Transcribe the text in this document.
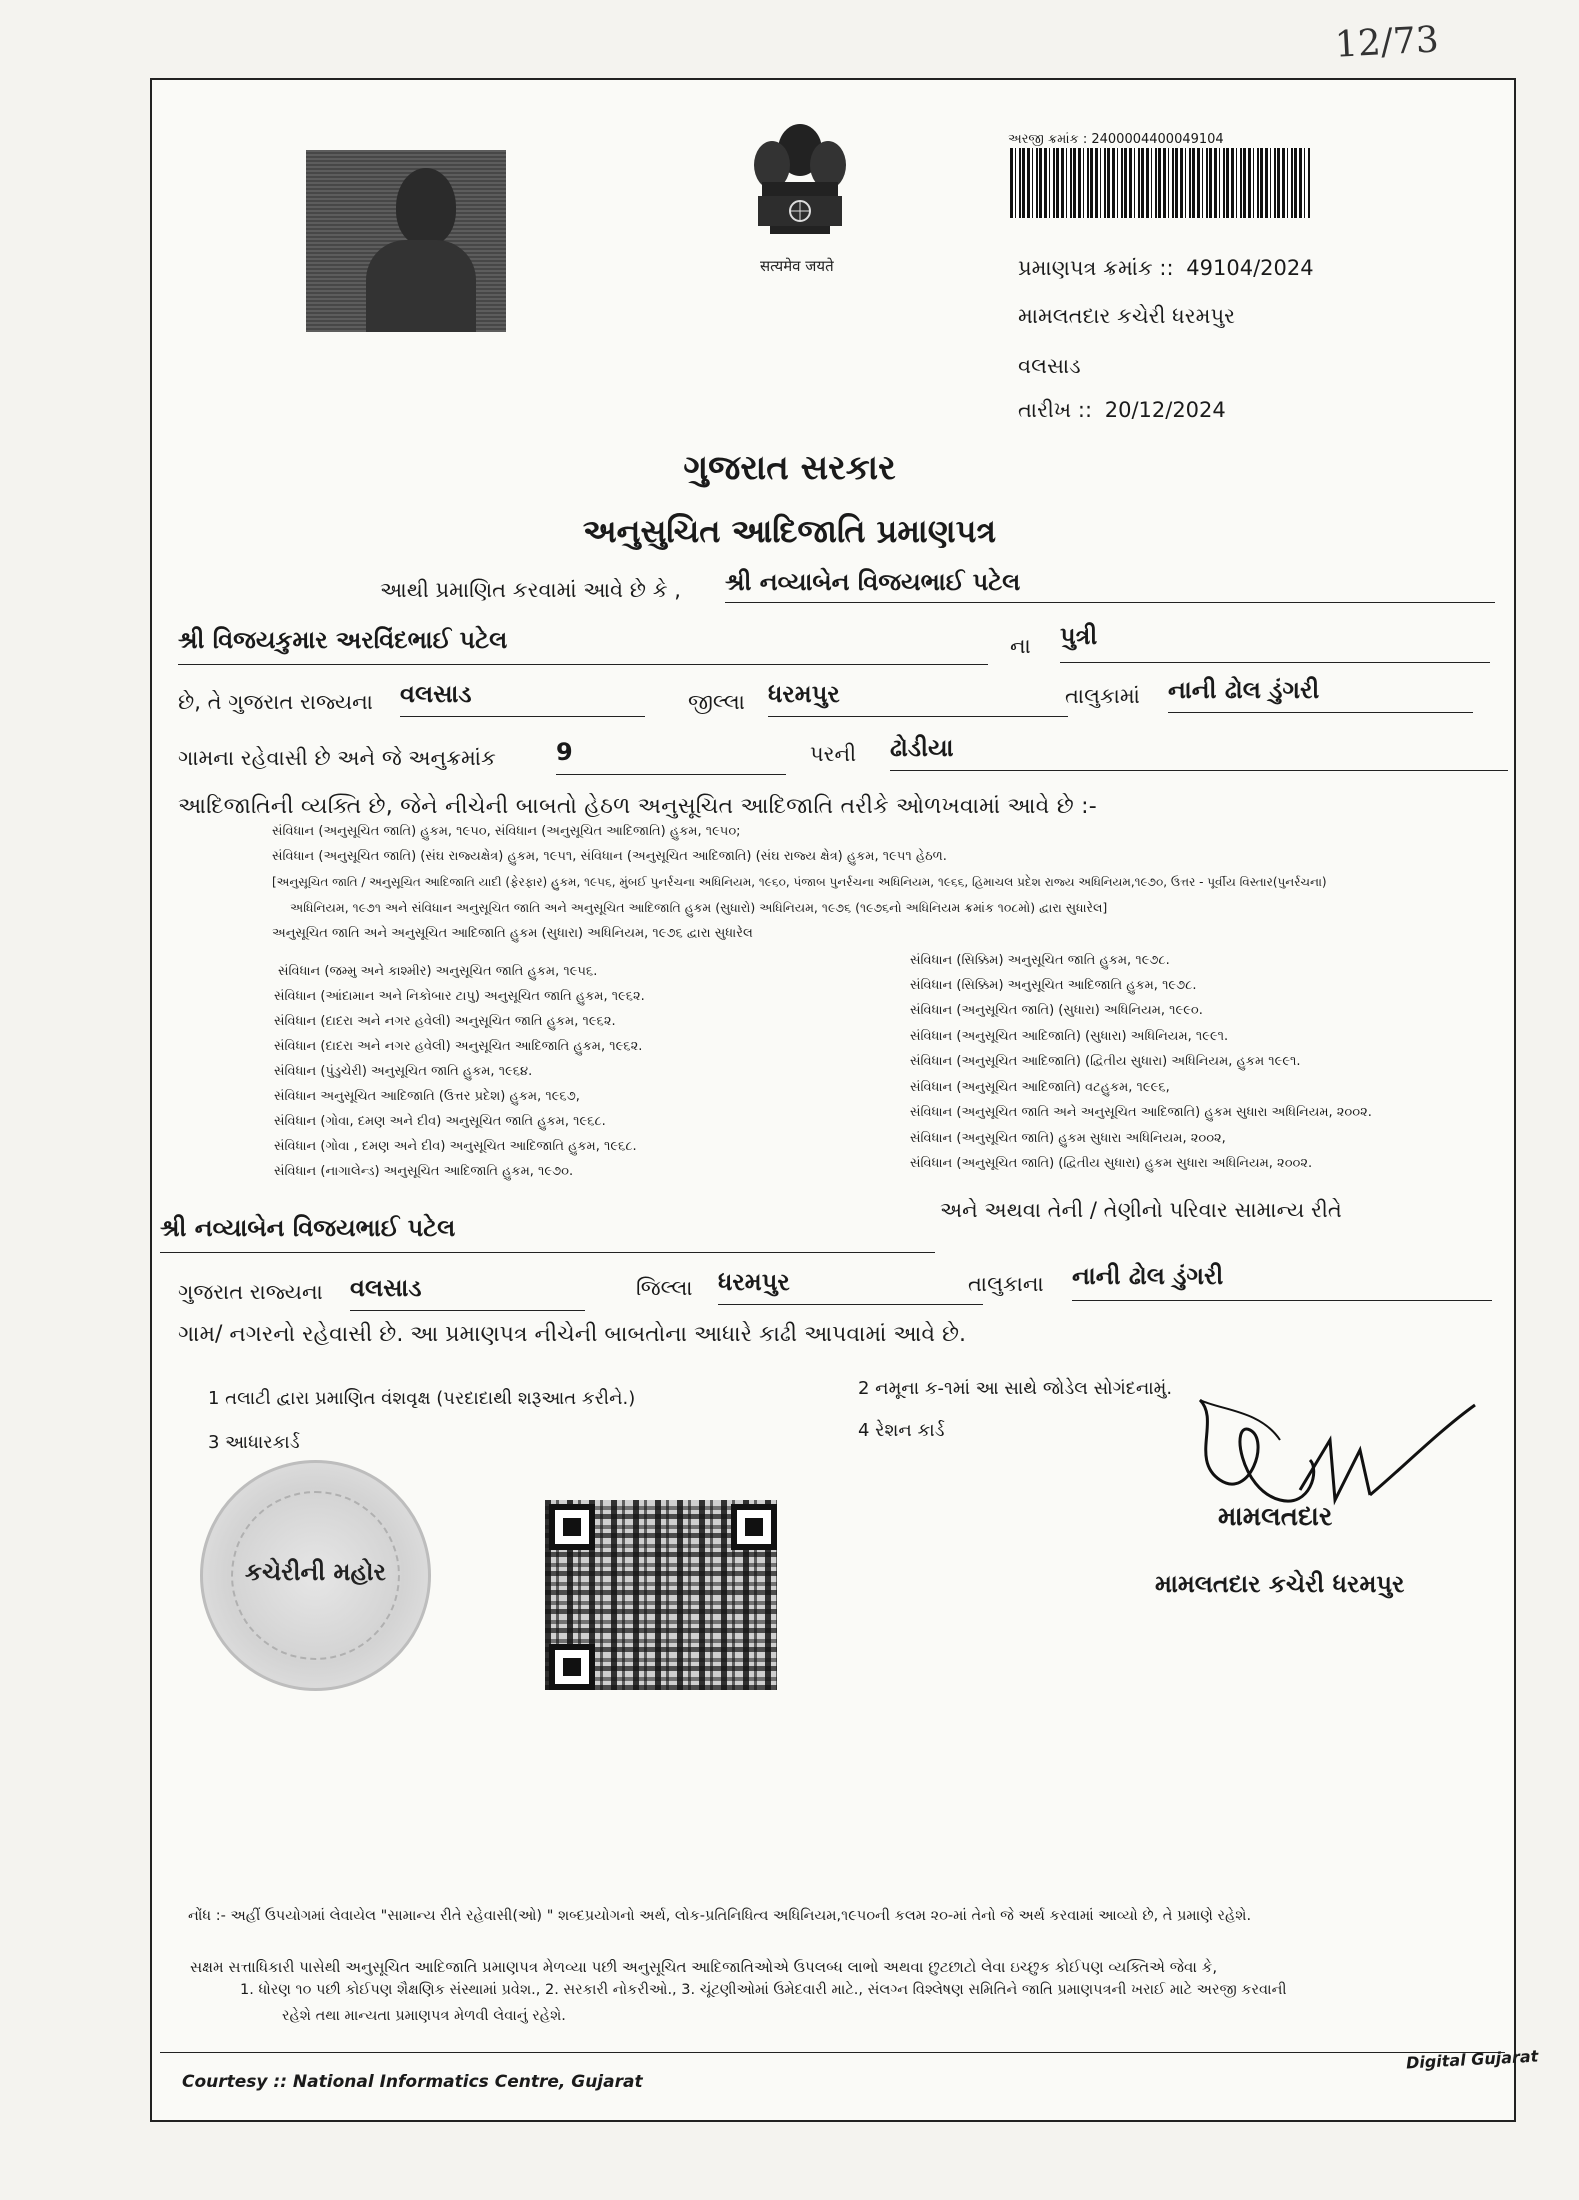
12/73
सत्यमेव जयते
અરજી ક્રમાંક : 2400004400049104
પ્રમાણપત્ર ક્રમાંક :: 49104/2024
મામલતદાર કચેરી ધરમપુર
વલસાડ
તારીખ :: 20/12/2024
ગુજરાત સરકાર
અનુસુચિત આદિજાતિ પ્રમાણપત્ર
આથી પ્રમાણિત કરવામાં આવે છે કે , શ્રી નવ્યાબેન વિજયભાઈ પટેલ
શ્રી વિજયકુમાર અરવિંદભાઈ પટેલ	ના પુત્રી
છે, તે ગુજરાત રાજ્યના વલસાડ	જીલ્લા ધરમપુર	તાલુકામાં નાની ઢોલ ડુંગરી
ગામના રહેવાસી છે અને જે અનુક્રમાંક	9	પરની ઢોડીયા
આદિજાતિની વ્યક્તિ છે, જેને નીચેની બાબતો હેઠળ અનુસૂચિત આદિજાતિ તરીકે ઓળખવામાં આવે છે :-
સંવિધાન (અનુસૂચિત જાતિ) હુકમ, ૧૯૫૦, સંવિધાન (અનુસૂચિત આદિજાતિ) હુકમ, ૧૯૫૦;
સંવિધાન (અનુસૂચિત જાતિ) (સંઘ રાજ્યક્ષેત્ર) હુકમ, ૧૯૫૧, સંવિધાન (અનુસૂચિત આદિજાતિ) (સંઘ રાજ્ય ક્ષેત્ર) હુકમ, ૧૯૫૧ હેઠળ.
[અનુસૂચિત જાતિ / અનુસૂચિત આદિજાતિ યાદી (ફેરફાર) હુકમ, ૧૯૫૬, મુંબઈ પુનર્રચના અધિનિયમ, ૧૯૬૦, પંજાબ પુનર્રચના અધિનિયમ, ૧૯૬૬, હિમાચલ પ્રદેશ રાજ્ય અધિનિયમ,૧૯૭૦, ઉત્તર - પૂર્વીય વિસ્તાર(પુનર્રચના)
અધિનિયમ, ૧૯૭૧ અને સંવિધાન અનુસૂચિત જાતિ અને અનુસૂચિત આદિજાતિ હુકમ (સુધારો) અધિનિયમ, ૧૯૭૬ (૧૯૭૬નો અધિનિયમ ક્રમાંક ૧૦૮મો) દ્વારા સુધારેલ]
અનુસૂચિત જાતિ અને અનુસૂચિત આદિજાતિ હુકમ (સુધારા) અધિનિયમ, ૧૯૭૬ દ્વારા સુધારેલ
સંવિધાન (જમ્મુ અને કાશ્મીર) અનુસૂચિત જાતિ હુકમ, ૧૯૫૬.
સંવિધાન (આંદામાન અને નિકોબાર ટાપુ) અનુસૂચિત જાતિ હુકમ, ૧૯૬૨.
સંવિધાન (દાદરા અને નગર હવેલી) અનુસૂચિત જાતિ હુકમ, ૧૯૬૨.
સંવિધાન (દાદરા અને નગર હવેલી) અનુસૂચિત આદિજાતિ હુકમ, ૧૯૬૨.
સંવિધાન (પુંડુચેરી) અનુસૂચિત જાતિ હુકમ, ૧૯૬૪.
સંવિધાન અનુસૂચિત આદિજાતિ (ઉત્તર પ્રદેશ) હુકમ, ૧૯૬૭,
સંવિધાન (ગોવા, દમણ અને દીવ) અનુસૂચિત જાતિ હુકમ, ૧૯૬૮.
સંવિધાન (ગોવા , દમણ અને દીવ) અનુસૂચિત આદિજાતિ હુકમ, ૧૯૬૮.
સંવિધાન (નાગાલેન્ડ) અનુસૂચિત આદિજાતિ હુકમ, ૧૯૭૦.
સંવિધાન (સિક્કિમ) અનુસૂચિત જાતિ હુકમ, ૧૯૭૮.
સંવિધાન (સિક્કિમ) અનુસૂચિત આદિજાતિ હુકમ, ૧૯૭૮.
સંવિધાન (અનુસૂચિત જાતિ) (સુધારા) અધિનિયમ, ૧૯૯૦.
સંવિધાન (અનુસૂચિત આદિજાતિ) (સુધારા) અધિનિયમ, ૧૯૯૧.
સંવિધાન (અનુસૂચિત આદિજાતિ) (દ્વિતીય સુધારા) અધિનિયમ, હુકમ ૧૯૯૧.
સંવિધાન (અનુસૂચિત આદિજાતિ) વટહુકમ, ૧૯૯૬,
સંવિધાન (અનુસૂચિત જાતિ અને અનુસૂચિત આદિજાતિ) હુકમ સુધારા અધિનિયમ, ૨૦૦૨.
સંવિધાન (અનુસૂચિત જાતિ) હુકમ સુધારા અધિનિયમ, ૨૦૦૨,
સંવિધાન (અનુસૂચિત જાતિ) (દ્વિતીય સુધારા) હુકમ સુધારા અધિનિયમ, ૨૦૦૨.
અને અથવા તેની / તેણીનો પરિવાર સામાન્ય રીતે
શ્રી નવ્યાબેન વિજયભાઈ પટેલ
ગુજરાત રાજ્યના વલસાડ	જિલ્લા ધરમપુર	તાલુકાના નાની ઢોલ ડુંગરી
ગામ/ નગરનો રહેવાસી છે. આ પ્રમાણપત્ર નીચેની બાબતોના આધારે કાઢી આપવામાં આવે છે.
1 તલાટી દ્વારા પ્રમાણિત વંશવૃક્ષ (પરદાદાથી શરૂઆત કરીને.)	2 નમૂના ક-૧માં આ સાથે જોડેલ સોગંદનામું.
3 આધારકાર્ડ
4 રેશન કાર્ડ
કચેરીની મહોર
મામલતદાર
મામલતદાર કચેરી ધરમપુર
નોંધ :- અહીં ઉપયોગમાં લેવાયેલ "સામાન્ય રીતે રહેવાસી(ઓ) " શબ્દપ્રયોગનો અર્થ, લોક-પ્રતિનિધિત્વ અધિનિયમ,૧૯૫૦ની કલમ ૨૦-માં તેનો જે અર્થ કરવામાં આવ્યો છે, તે પ્રમાણે રહેશે.
સક્ષમ સત્તાધિકારી પાસેથી અનુસૂચિત આદિજાતિ પ્રમાણપત્ર મેળવ્યા પછી અનુસૂચિત આદિજાતિઓએ ઉપલબ્ધ લાભો અથવા છુટછાટો લેવા ઇચ્છુક કોઈપણ વ્યક્તિએ જેવા કે,
1. ધોરણ ૧૦ પછી કોઈપણ શૈક્ષણિક સંસ્થામાં પ્રવેશ., 2. સરકારી નોકરીઓ., 3. ચૂંટણીઓમાં ઉમેદવારી માટે., સંલગ્ન વિશ્લેષણ સમિતિને જાતિ પ્રમાણપત્રની ખરાઈ માટે અરજી કરવાની
રહેશે તથા માન્યતા પ્રમાણપત્ર મેળવી લેવાનું રહેશે.
Courtesy :: National Informatics Centre, Gujarat
Digital Gujarat
